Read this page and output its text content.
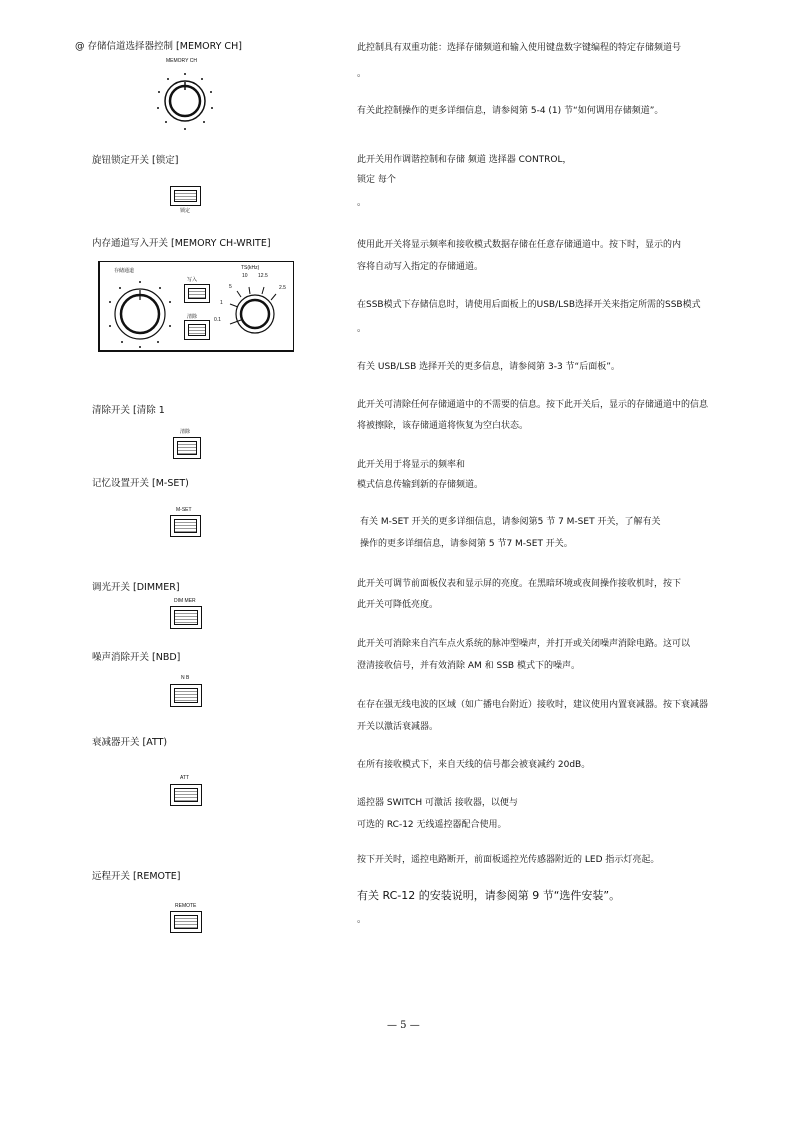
@ 存储信道选择器控制 [MEMORY CH]
MEMORY CH
旋钮锁定开关 [锁定]
锁定
内存通道写入开关 [MEMORY CH-WRITE]
存储通道
写入
清除
TS(kHz)
10 12.5
5	2.5
1
0.1
清除开关 [清除 1
清除
记忆设置开关 [M-SET)
M-SET
调光开关 [DIMMER]
DIM MER
噪声消除开关 [NBD]
N B
衰减器开关 [ATT)
ATT
远程开关 [REMOTE]
REMOTE
此控制具有双重功能：选择存储频道和输入使用键盘数字键编程的特定存储频道号
。
有关此控制操作的更多详细信息，请参阅第 5-4 (1) 节“如何调用存储频道”。
此开关用作调谐控制和存储 频道 选择器 CONTROL，
锁定 每个
。
使用此开关将显示频率和接收模式数据存储在任意存储通道中。按下时，显示的内
容将自动写入指定的存储通道。
在SSB模式下存储信息时，请使用后面板上的USB/LSB选择开关来指定所需的SSB模式
。
有关 USB/LSB 选择开关的更多信息，请参阅第 3-3 节“后面板”。
此开关可清除任何存储通道中的不需要的信息。按下此开关后，显示的存储通道中的信息
将被擦除，该存储通道将恢复为空白状态。
此开关用于将显示的频率和
模式信息传输到新的存储频道。
有关 M-SET 开关的更多详细信息，请参阅第5 节 7 M-SET 开关，了解有关
操作的更多详细信息，请参阅第 5 节7 M-SET 开关。
此开关可调节前面板仪表和显示屏的亮度。在黑暗环境或夜间操作接收机时，按下
此开关可降低亮度。
此开关可消除来自汽车点火系统的脉冲型噪声，并打开或关闭噪声消除电路。这可以
澄清接收信号，并有效消除 AM 和 SSB 模式下的噪声。
在存在强无线电波的区域（如广播电台附近）接收时，建议使用内置衰减器。按下衰减器
开关以激活衰减器。
在所有接收模式下，来自天线的信号都会被衰减约 20dB。
遥控器 SWITCH 可激活 接收器，以便与
可选的 RC-12 无线遥控器配合使用。
按下开关时，遥控电路断开，前面板遥控光传感器附近的 LED 指示灯亮起。
有关 RC-12 的安装说明，请参阅第 9 节“选件安装”。
。
— 5 —
